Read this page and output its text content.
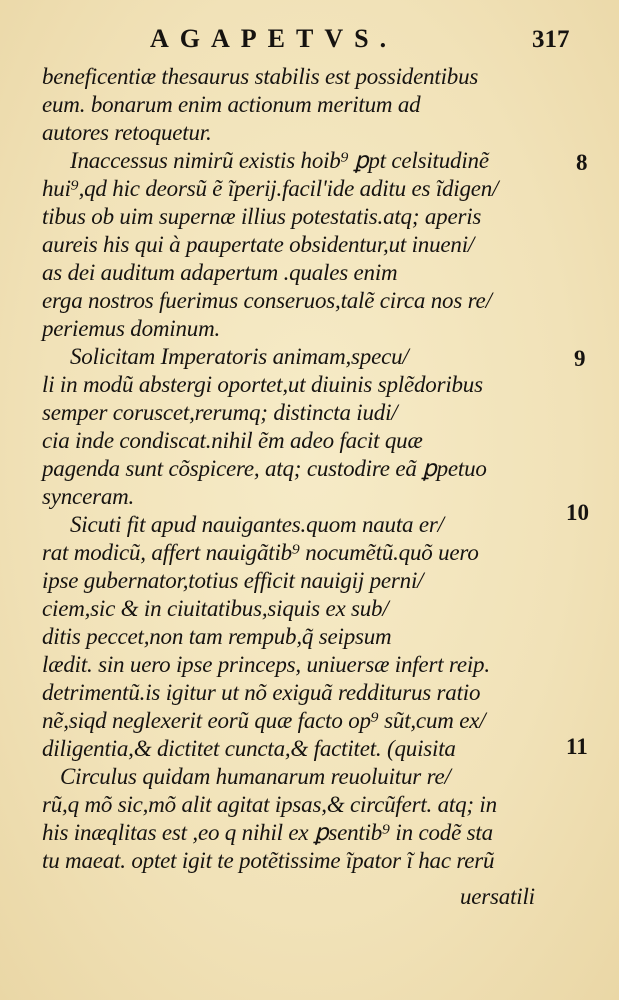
AGAPETVS.	317
beneficentiæ thesaurus stabilis est possidentibus
eum. bonarum enim actionum meritum ad
autores retoquetur.
Inaccessus nimirũ existis hoib⁹ ꝑpt celsitudinẽ
hui⁹,qd hic deorsũ ẽ ĩperij.facil'ide aditu es ĩdigen/
tibus ob uim supernæ illius potestatis.atq; aperis
aureis his qui à paupertate obsidentur,ut inueni/
as dei auditum adapertum .quales enim
erga nostros fuerimus conseruos,talẽ circa nos re/
periemus dominum.
Solicitam Imperatoris animam,specu/
li in modũ abstergi oportet,ut diuinis splẽdoribus
semper coruscet,rerumq; distincta iudi/
cia inde condiscat.nihil ẽm adeo facit quæ
pagenda sunt cõspicere, atq; custodire eã ꝑpetuo
synceram.
Sicuti fit apud nauigantes.quom nauta er/
rat modicũ, affert nauigãtib⁹ nocumẽtũ.quõ uero
ipse gubernator,totius efficit nauigij perni/
ciem,sic & in ciuitatibus,siquis ex sub/
ditis peccet,non tam rempub,q̃ seipsum
lædit. sin uero ipse princeps, uniuersæ infert reip.
detrimentũ.is igitur ut nõ exiguã redditurus ratio
nẽ,siqd neglexerit eorũ quæ facto op⁹ sũt,cum ex/
diligentia,& dictitet cuncta,& factitet. (quisita
Circulus quidam humanarum reuoluitur re/
rũ,q mõ sic,mõ alit agitat ipsas,& circũfert. atq; in
his inæqlitas est ,eo q nihil ex ꝑsentib⁹ in codẽ sta
tu maeat. optet igit te potẽtissime ĩpator ĩ hac rerũ
uersatili
8
9
10
11
